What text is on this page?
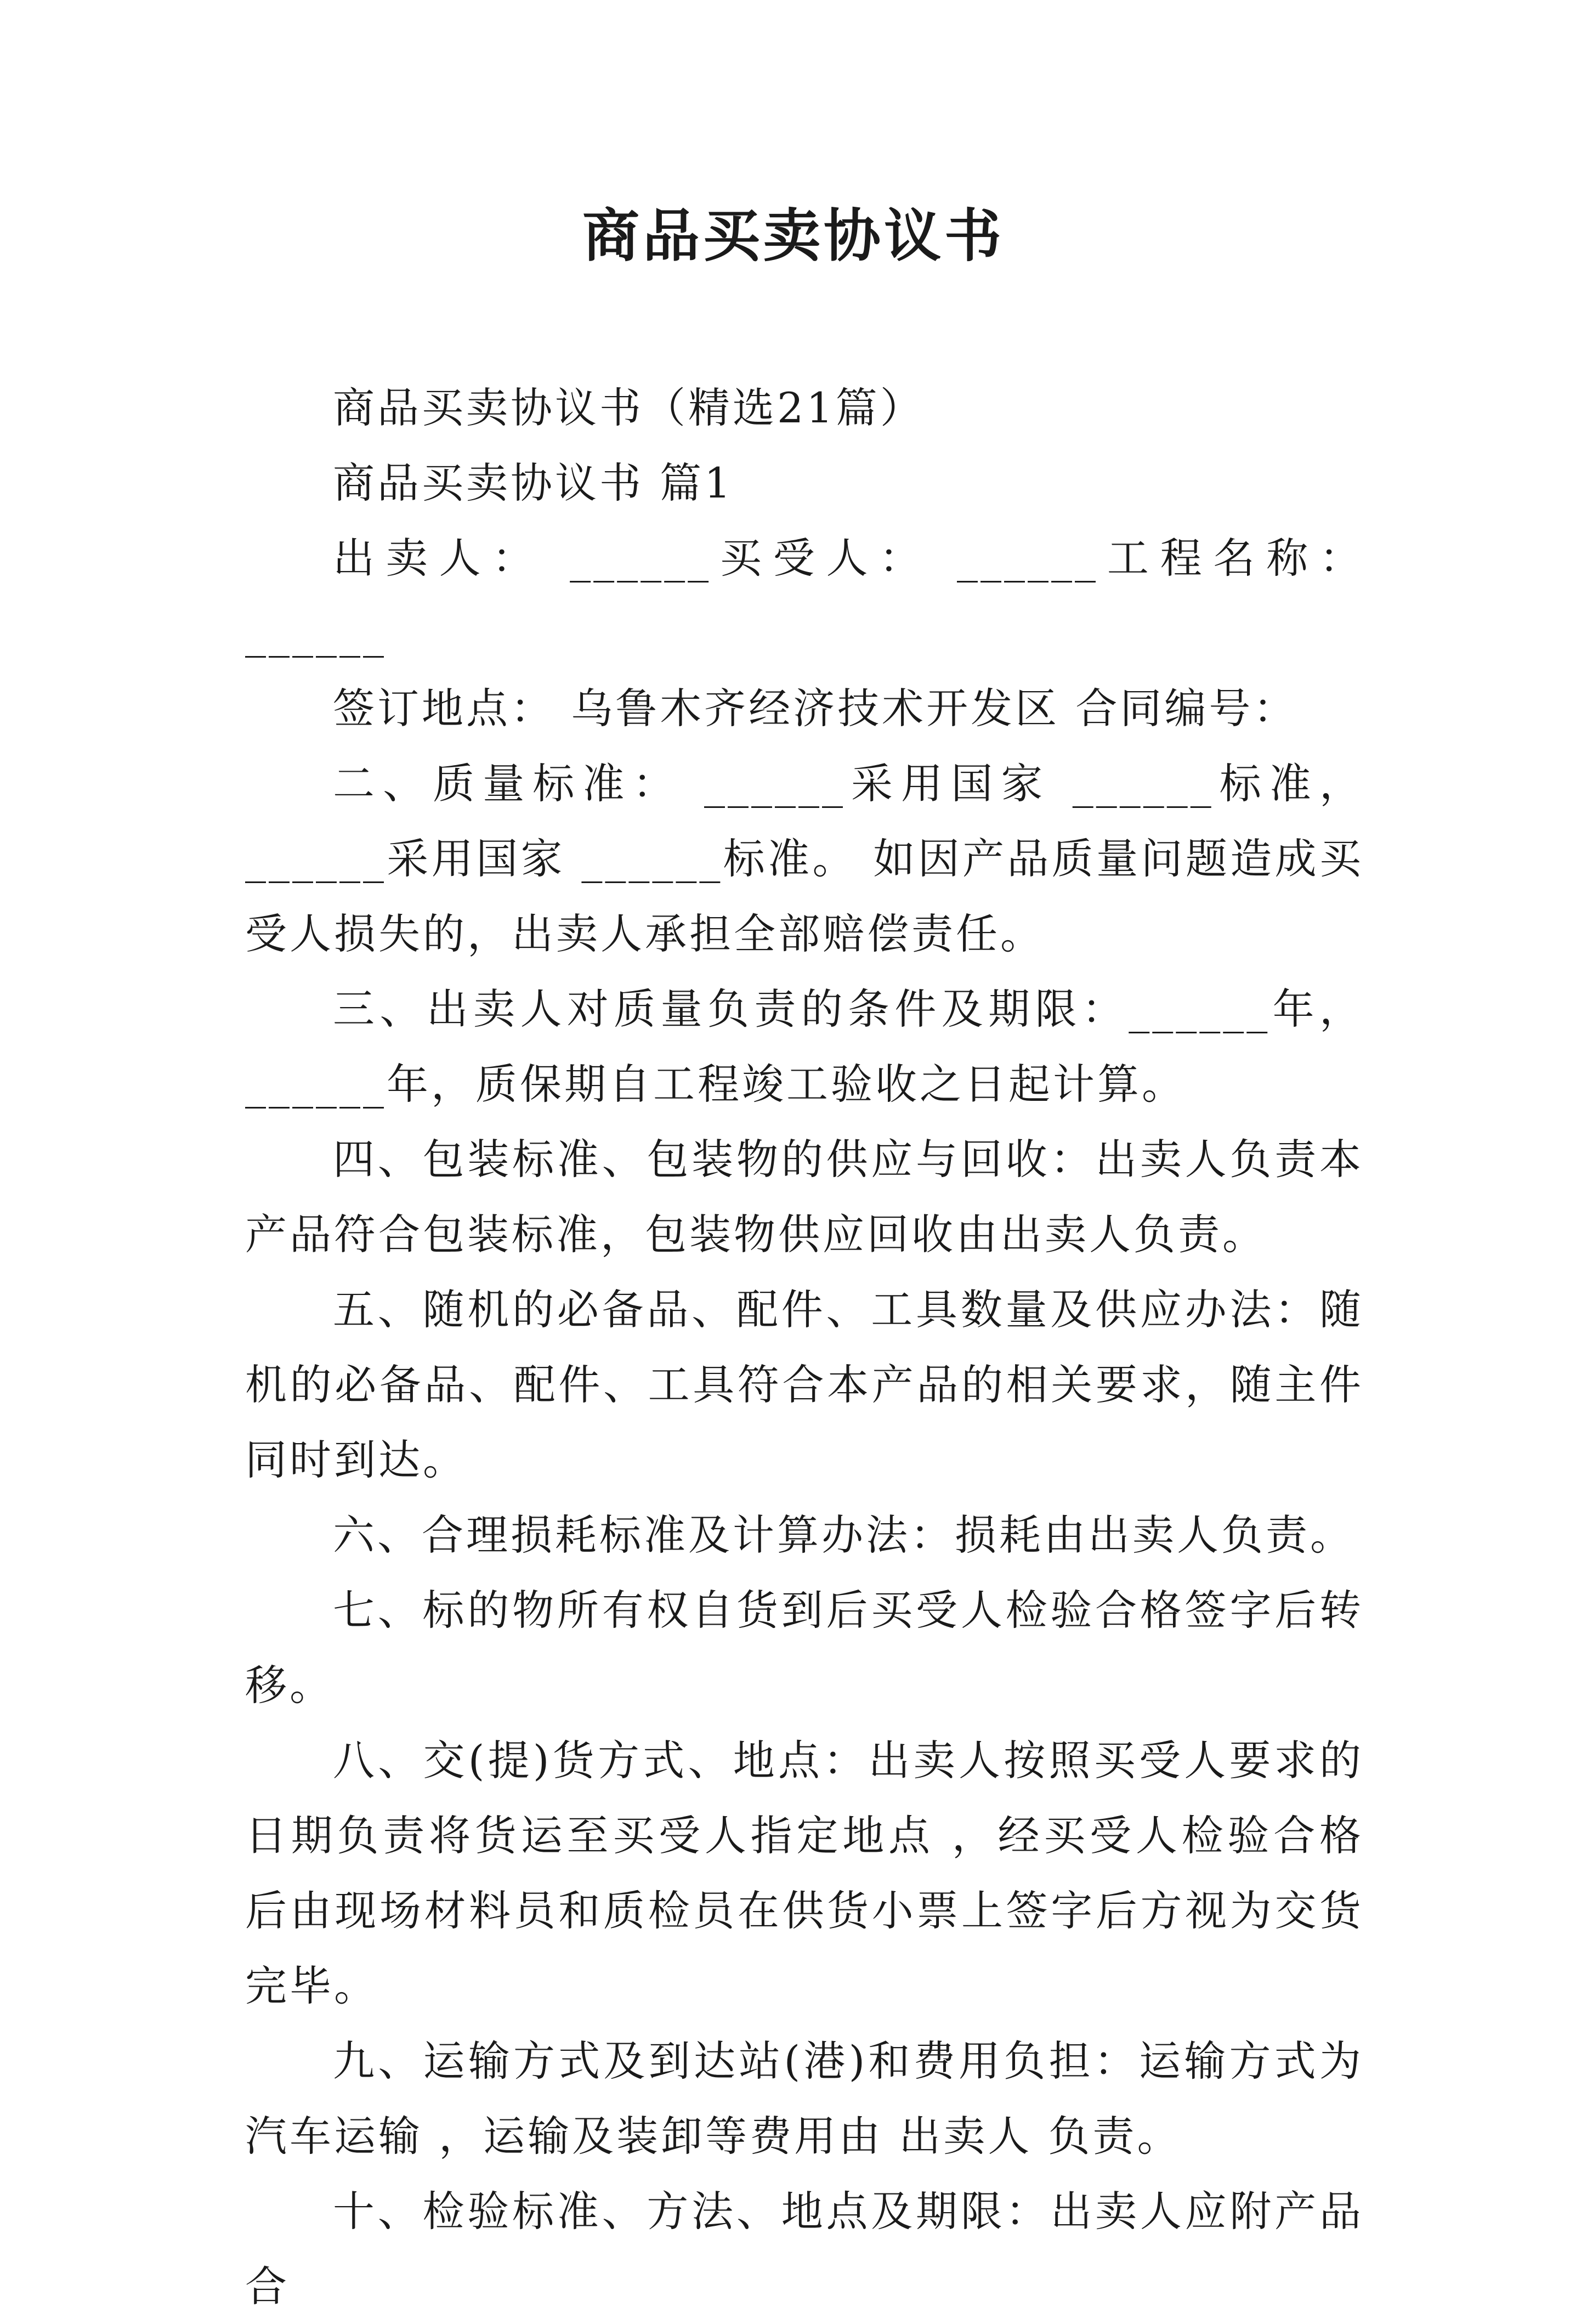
商品买卖协议书

商品买卖协议书（精选21篇）

商品买卖协议书 篇1

出卖人： ______买受人： ______工程名称：______

签订地点： 乌鲁木齐经济技术开发区 合同编号：

二、质量标准： ______采用国家 ______标准， ______采用国家 ______标准。 如因产品质量问题造成买受人损失的，出卖人承担全部赔偿责任。

三、出卖人对质量负责的条件及期限：______年，______年，质保期自工程竣工验收之日起计算。

四、包装标准、包装物的供应与回收：出卖人负责本产品符合包装标准，包装物供应回收由出卖人负责。

五、随机的必备品、配件、工具数量及供应办法：随机的必备品、配件、工具符合本产品的相关要求，随主件同时到达。

六、合理损耗标准及计算办法：损耗由出卖人负责。

七、标的物所有权自货到后买受人检验合格签字后转移。

八、交(提)货方式、地点：出卖人按照买受人要求的日期负责将货运至买受人指定地点 ，经买受人检验合格后由现场材料员和质检员在供货小票上签字后方视为交货完毕。

九、运输方式及到达站(港)和费用负担：运输方式为汽车运输 ，运输及装卸等费用由 出卖人 负责。

十、检验标准、方法、地点及期限：出卖人应附产品合
